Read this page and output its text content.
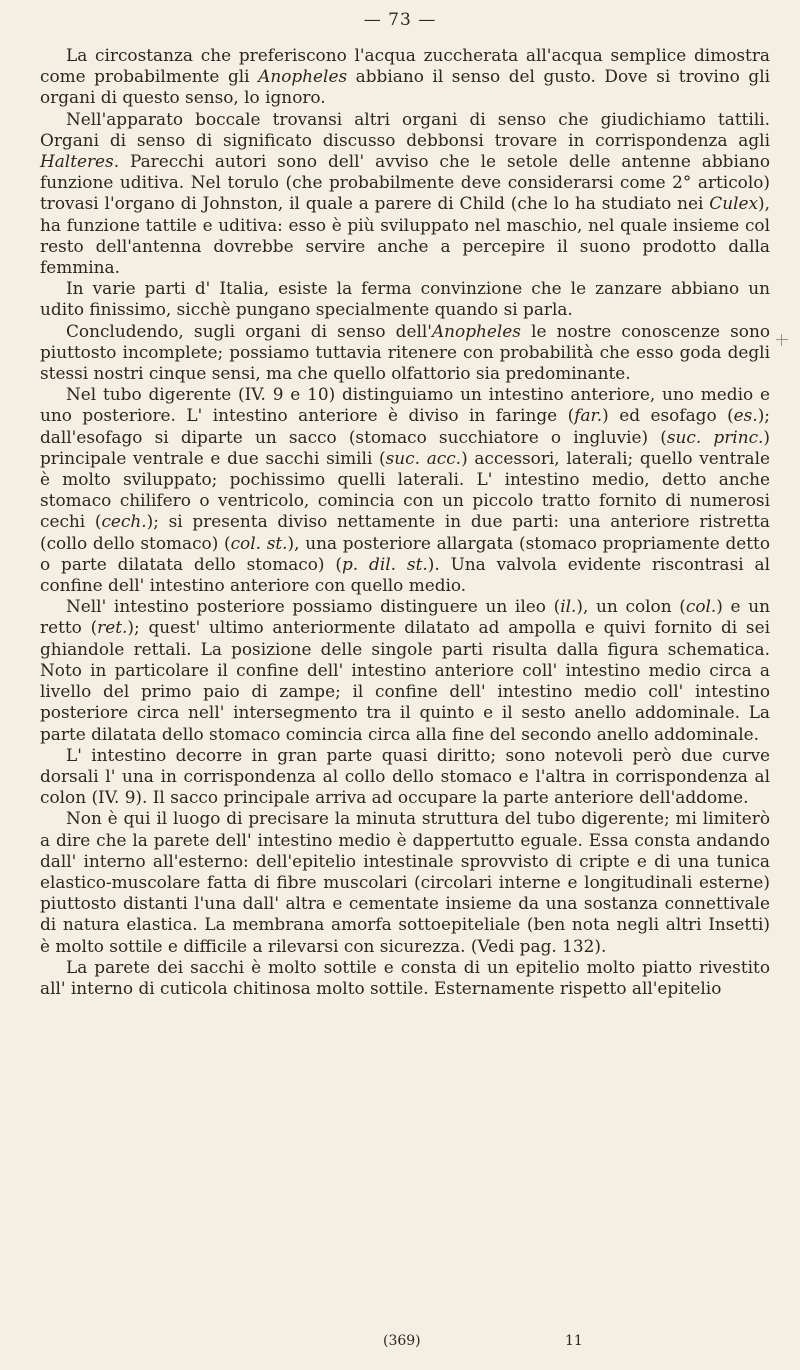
— 73 —

La circostanza che preferiscono l'acqua zuccherata all'acqua semplice dimostra come probabilmente gli Anopheles abbiano il senso del gusto. Dove si trovino gli organi di questo senso, lo ignoro.

Nell'apparato boccale trovansi altri organi di senso che giudichiamo tattili. Organi di senso di significato discusso debbonsi trovare in corrispondenza agli Halteres. Parecchi autori sono dell' avviso che le setole delle antenne abbiano funzione uditiva. Nel torulo (che probabilmente deve considerarsi come 2° articolo) trovasi l'organo di Johnston, il quale a parere di Child (che lo ha studiato nei Culex), ha funzione tattile e uditiva: esso è più sviluppato nel maschio, nel quale insieme col resto dell'antenna dovrebbe servire anche a percepire il suono prodotto dalla femmina.

In varie parti d' Italia, esiste la ferma convinzione che le zanzare abbiano un udito finissimo, sicchè pungano specialmente quando si parla.

Concludendo, sugli organi di senso dell'Anopheles le nostre conoscenze sono piuttosto incomplete; possiamo tuttavia ritenere con probabilità che esso goda degli stessi nostri cinque sensi, ma che quello olfattorio sia predominante.

Nel tubo digerente (IV. 9 e 10) distinguiamo un intestino anteriore, uno medio e uno posteriore. L' intestino anteriore è diviso in faringe (far.) ed esofago (es.); dall'esofago si diparte un sacco (stomaco succhiatore o ingluvie) (suc. princ.) principale ventrale e due sacchi simili (suc. acc.) accessori, laterali; quello ventrale è molto sviluppato; pochissimo quelli laterali. L' intestino medio, detto anche stomaco chilifero o ventricolo, comincia con un piccolo tratto fornito di numerosi cechi (cech.); si presenta diviso nettamente in due parti: una anteriore ristretta (collo dello stomaco) (col. st.), una posteriore allargata (stomaco propriamente detto o parte dilatata dello stomaco) (p. dil. st.). Una valvola evidente riscontrasi al confine dell' intestino anteriore con quello medio.

Nell' intestino posteriore possiamo distinguere un ileo (il.), un colon (col.) e un retto (ret.); quest' ultimo anteriormente dilatato ad ampolla e quivi fornito di sei ghiandole rettali. La posizione delle singole parti risulta dalla figura schematica. Noto in particolare il confine dell' intestino anteriore coll' intestino medio circa a livello del primo paio di zampe; il confine dell' intestino medio coll' intestino posteriore circa nell' intersegmento tra il quinto e il sesto anello addominale. La parte dilatata dello stomaco comincia circa alla fine del secondo anello addominale.

L' intestino decorre in gran parte quasi diritto; sono notevoli però due curve dorsali l' una in corrispondenza al collo dello stomaco e l'altra in corrispondenza al colon (IV. 9). Il sacco principale arriva ad occupare la parte anteriore dell'addome.

Non è qui il luogo di precisare la minuta struttura del tubo digerente; mi limiterò a dire che la parete dell' intestino medio è dappertutto eguale. Essa consta andando dall' interno all'esterno: dell'epitelio intestinale sprovvisto di cripte e di una tunica elastico-muscolare fatta di fibre muscolari (circolari interne e longitudinali esterne) piuttosto distanti l'una dall' altra e cementate insieme da una sostanza connettivale di natura elastica. La membrana amorfa sottoepiteliale (ben nota negli altri Insetti) è molto sottile e difficile a rilevarsi con sicurezza. (Vedi pag. 132).

La parete dei sacchi è molto sottile e consta di un epitelio molto piatto rivestito all' interno di cuticola chitinosa molto sottile. Esternamente rispetto all'epitelio

(369)	11
